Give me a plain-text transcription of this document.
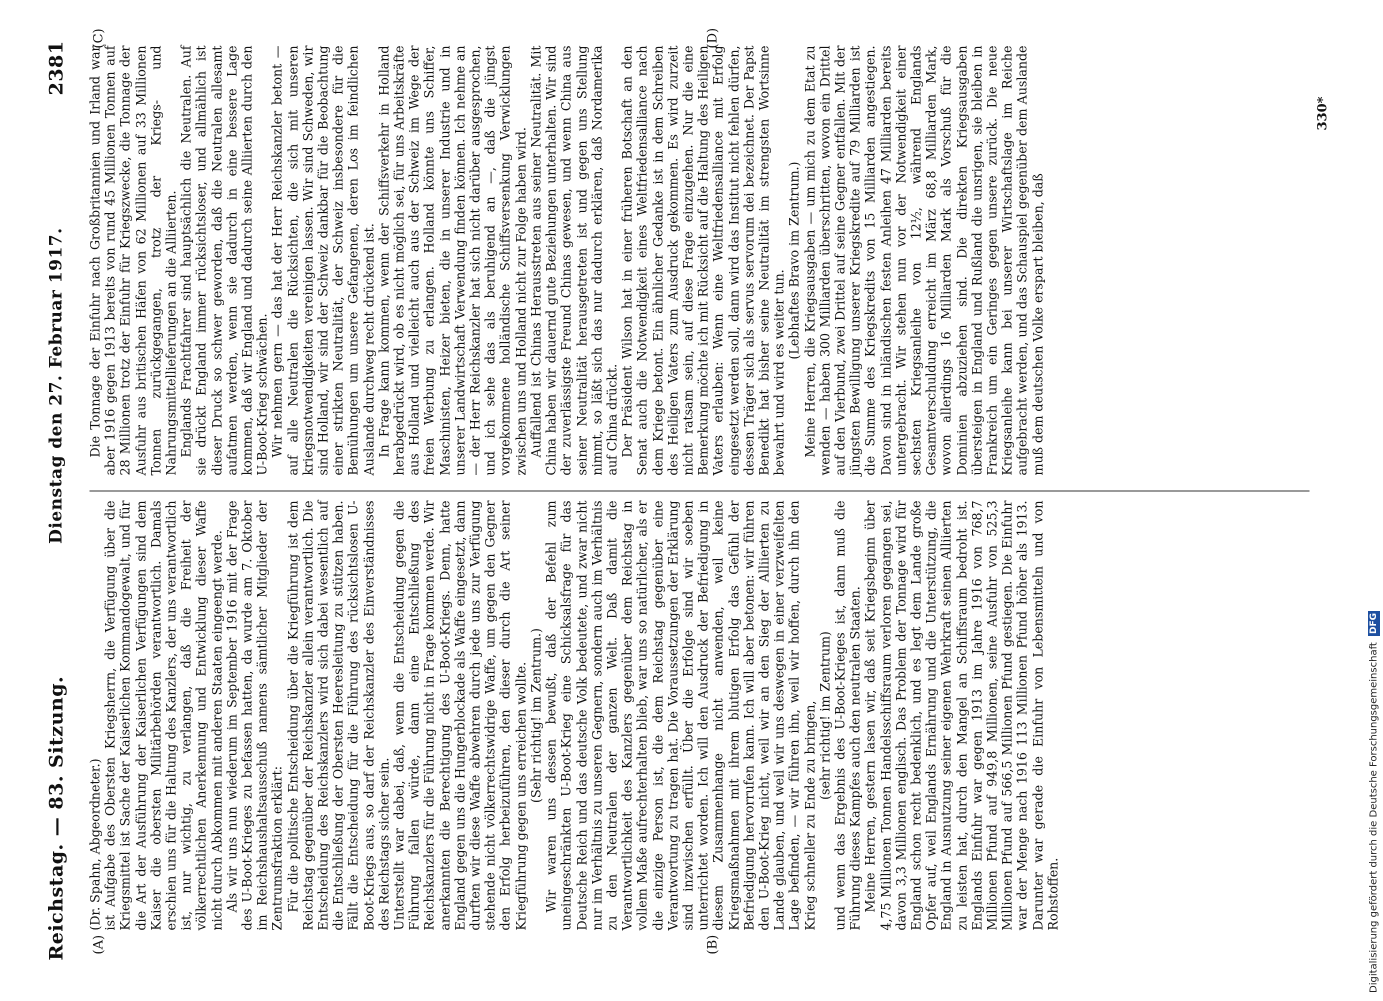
Reichstag. — 83. Sitzung.
Dienstag den 27. Februar 1917.
2381
(A)	(B)
(C)	(D)

(Dr. Spahn, Abgeordneter.) ist Aufgabe des Obersten Kriegsherrn, die Verfügung über die Kriegsmittel ist Sache der Kaiserlichen Kommandogewalt, und für die Art der Ausführung der Kaiserlichen Verfügungen sind dem Kaiser die obersten Militärbehörden verantwortlich. Damals erschien uns für die Haltung des Kanzlers, der uns verantwortlich ist, nur wichtig, zu verlangen, daß die Freiheit der völkerrechtlichen Anerkennung und Entwicklung dieser Waffe nicht durch Abkommen mit anderen Staaten eingeengt werde. Als wir uns nun wiederum im September 1916 mit der Frage des U-Boot-Krieges zu befassen hatten, da wurde am 7. Oktober im Reichshaushaltsausschuß namens sämtlicher Mitglieder der Zentrumsfraktion erklärt: Für die politische Entscheidung über die Kriegführung ist dem Reichstag gegenüber der Reichskanzler allein verantwortlich. Die Entscheidung des Reichskanzlers wird sich dabei wesentlich auf die Entschließung der Obersten Heeresleitung zu stützen haben. Fällt die Entscheidung für die Führung des rücksichtslosen U-Boot-Kriegs aus, so darf der Reichskanzler des Einverständnisses des Reichstags sicher sein. Unterstellt war dabei, daß, wenn die Entscheidung gegen die Führung fallen würde, dann eine Entschließung des Reichskanzlers für die Führung nicht in Frage kommen werde. Wir anerkannten die Berechtigung des U-Boot-Kriegs. Denn, hatte England gegen uns die Hungerblockade als Waffe eingesetzt, dann durften wir diese Waffe abwehren durch jede uns zur Verfügung stehende nicht völkerrechtswidrige Waffe, um gegen den Gegner den Erfolg herbeizuführen, den dieser durch die Art seiner Kriegführung gegen uns erreichen wollte. (Sehr richtig! im Zentrum.) Wir waren uns dessen bewußt, daß der Befehl zum uneingeschränkten U-Boot-Krieg eine Schicksalsfrage für das Deutsche Reich und das deutsche Volk bedeutete, und zwar nicht nur im Verhältnis zu unseren Gegnern, sondern auch im Verhältnis zu den Neutralen der ganzen Welt. Daß damit die Verantwortlichkeit des Kanzlers gegenüber dem Reichstag in vollem Maße aufrechterhalten blieb, war uns so natürlicher, als er die einzige Person ist, die dem Reichstag gegenüber eine Verantwortung zu tragen hat. Die Voraussetzungen der Erklärung sind inzwischen erfüllt. Über die Erfolge sind wir soeben unterrichtet worden. Ich will den Ausdruck der Befriedigung in diesem Zusammenhange nicht anwenden, weil keine Kriegsmaßnahmen mit ihrem blutigen Erfolg das Gefühl der Befriedigung hervorrufen kann. Ich will aber betonen: wir führen den U-Boot-Krieg nicht, weil wir an den Sieg der Alliierten zu Lande glauben, und weil wir uns deswegen in einer verzweifelten Lage befinden, — wir führen ihn, weil wir hoffen, durch ihn den Krieg schneller zu Ende zu bringen, (sehr richtig! im Zentrum) und wenn das Ergebnis des U-Boot-Krieges ist, dann muß die Führung dieses Kampfes auch den neutralen Staaten. Meine Herren, gestern lasen wir, daß seit Kriegsbeginn über 4,75 Millionen Tonnen Handelsschiffsraum verloren gegangen sei, davon 3,3 Millionen englisch. Das Problem der Tonnage wird für England schon recht bedenklich, und es legt dem Lande große Opfer auf, weil Englands Ernährung und die Unterstützung, die England in Ausnutzung seiner eigenen Wehrkraft seinen Alliierten zu leisten hat, durch den Mangel an Schiffsraum bedroht ist. Englands Einfuhr war gegen 1913 im Jahre 1916 von 768,7 Millionen Pfund auf 949,8 Millionen, seine Ausfuhr von 525,3 Millionen Pfund auf 566,5 Millionen Pfund gestiegen. Die Einfuhr war der Menge nach 1916 113 Millionen Pfund höher als 1913. Darunter war gerade die Einfuhr von Lebensmitteln und von Rohstoffen.

Die Tonnage der Einfuhr nach Großbritannien und Irland war aber 1916 gegen 1913 bereits von rund 45 Millionen Tonnen auf 28 Millionen trotz der Einfuhr für Kriegszwecke, die Tonnage der Ausfuhr aus britischen Häfen von 62 Millionen auf 33 Millionen Tonnen zurückgegangen, trotz der Kriegs- und Nahrungsmittellieferungen an die Alliierten. Englands Frachtfahrer sind hauptsächlich die Neutralen. Auf sie drückt England immer rücksichtsloser, und allmählich ist dieser Druck so schwer geworden, daß die Neutralen allesamt aufatmen werden, wenn sie dadurch in eine bessere Lage kommen, daß wir England und dadurch seine Alliierten durch den U-Boot-Krieg schwächen. Wir nehmen gern — das hat der Herr Reichskanzler betont — auf alle Neutralen die Rücksichten, die sich mit unseren kriegsnotwendigkeiten vereinigen lassen. Wir sind Schweden, wir sind Holland, wir sind der Schweiz dankbar für die Beobachtung einer strikten Neutralität, der Schweiz insbesondere für die Bemühungen um unsere Gefangenen, deren Los im feindlichen Auslande durchweg recht drückend ist. In Frage kann kommen, wenn der Schiffsverkehr in Holland herabgedrückt wird, ob es nicht möglich sei, für uns Arbeitskräfte aus Holland und vielleicht auch aus der Schweiz im Wege der freien Werbung zu erlangen. Holland könnte uns Schiffer, Maschinisten, Heizer bieten, die in unserer Industrie und in unserer Landwirtschaft Verwendung finden können. Ich nehme an — der Herr Reichskanzler hat sich nicht darüber ausgesprochen, und ich sehe das als beruhigend an —, daß die jüngst vorgekommene holländische Schiffsversenkung Verwicklungen zwischen uns und Holland nicht zur Folge haben wird. Auffallend ist Chinas Herausstreten aus seiner Neutralität. Mit China haben wir dauernd gute Beziehungen unterhalten. Wir sind der zuverlässigste Freund Chinas gewesen, und wenn China aus seiner Neutralität herausgetreten ist und gegen uns Stellung nimmt, so läßt sich das nur dadurch erklären, daß Nordamerika auf China drückt. Der Präsident Wilson hat in einer früheren Botschaft an den Senat auch die Notwendigkeit eines Weltfriedensalliance nach dem Kriege betont. Ein ähnlicher Gedanke ist in dem Schreiben des Heiligen Vaters zum Ausdruck gekommen. Es wird zurzeit nicht ratsam sein, auf diese Frage einzugehen. Nur die eine Bemerkung möchte ich mit Rücksicht auf die Haltung des Heiligen Vaters erlauben: Wenn eine Weltfriedensalliance mit Erfolg eingesetzt werden soll, dann wird das Institut nicht fehlen dürfen, dessen Träger sich als servus servorum dei bezeichnet. Der Papst Benedikt hat bisher seine Neutralität im strengsten Wortsinne bewahrt und wird es weiter tun.

(Lebhaftes Bravo im Zentrum.) Meine Herren, die Kriegsausgaben — um mich zu dem Etat zu wenden — haben 300 Milliarden überschritten, wovon ein Drittel auf den Vierbund, zwei Drittel auf seine Gegner entfallen. Mit der jüngsten Bewilligung unserer Kriegskredite auf 79 Milliarden ist die Summe des Kriegskredits von 15 Milliarden angestiegen. Davon sind in inländischen festen Anleihen 47 Milliarden bereits untergebracht. Wir stehen nun vor der Notwendigkeit einer sechsten Kriegsanleihe von 12½, während Englands Gesamtverschuldung erreicht im März 68,8 Milliarden Mark, wovon allerdings 16 Milliarden Mark als Vorschuß für die Dominien abzuziehen sind. Die direkten Kriegsausgaben übersteigen in England und Rußland die unsrigen, sie bleiben in Frankreich um ein Geringes gegen unsere zurück. Die neue Kriegsanleihe kann bei unserer Wirtschaftslage im Reiche aufgebracht werden, und das Schauspiel gegenüber dem Auslande muß dem deutschen Volke erspart bleiben, daß

330*
Digitalisierung gefördert durch die Deutsche Forschungsgemeinschaft
DFG
